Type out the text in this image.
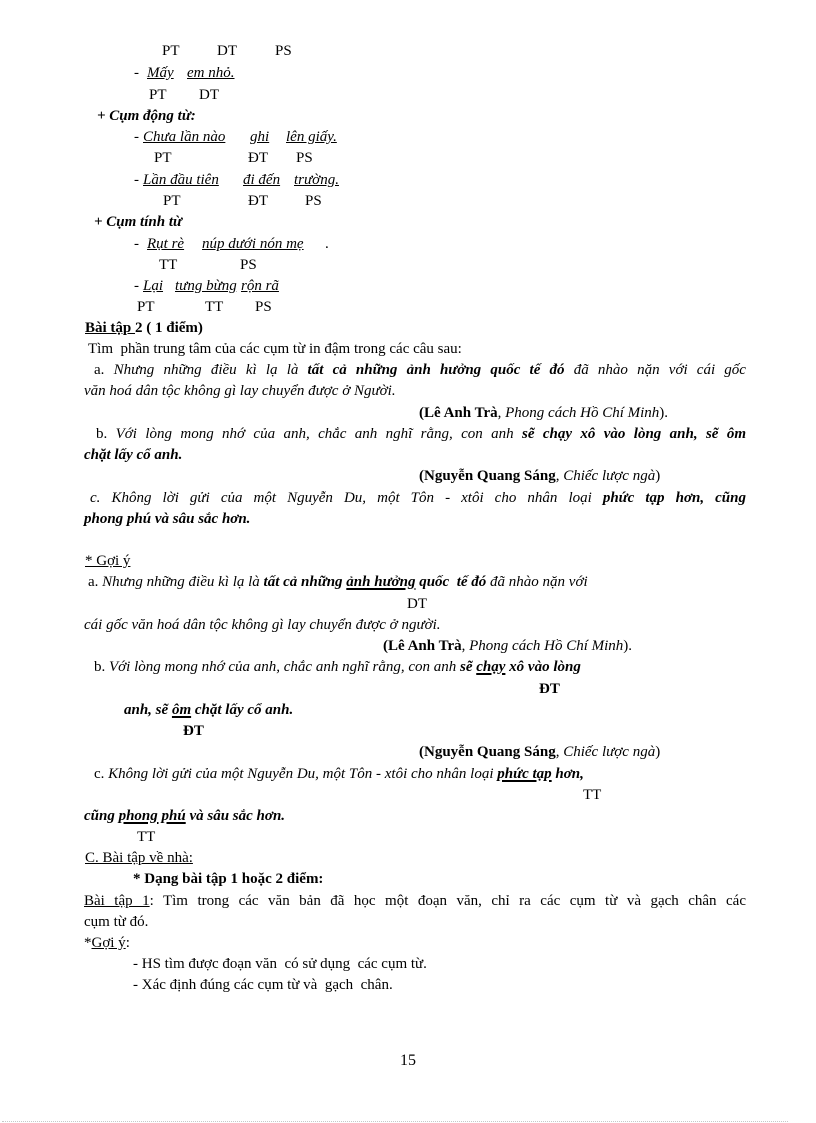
PT DT	PS
- Mấy em nhỏ.
PT DT
+ Cụm động từ:
- Chưa lần nào ghi lên giấy.
PT	ĐT PS
- Lần đầu tiên đi đến trường.
PT	ĐT PS
+ Cụm tính từ
- Rụt rè núp dưới nón mẹ .
TT	PS
- Lại tưng bừng rộn rã
PT	TT PS
Bài tập 2 ( 1 điểm)
Tìm  phần trung tâm của các cụm từ in đậm trong các câu sau:
a. Nhưng những điều kì lạ là tất cả những ảnh hưởng quốc tế đó đã nhào nặn với cái gốc
văn hoá dân tộc không gì lay chuyển được ở Người.
(Lê Anh Trà, Phong cách Hồ Chí Minh).
b. Với lòng mong nhớ của anh, chắc anh nghĩ rằng, con anh sẽ chạy xô vào lòng anh, sẽ ôm
chặt lấy cổ anh.
(Nguyễn Quang Sáng, Chiếc lược ngà)
c. Không lời gửi của một Nguyễn Du, một Tôn - xtôi cho nhân loại phức tạp hơn, cũng
phong phú và sâu sắc hơn.
* Gợi ý
a. Nhưng những điều kì lạ là tất cả những ảnh hưởng quốc  tế đó đã nhào nặn với
DT
cái gốc văn hoá dân tộc không gì lay chuyển được ở người.
(Lê Anh Trà, Phong cách Hồ Chí Minh).
b. Với lòng mong nhớ của anh, chắc anh nghĩ rằng, con anh sẽ chạy xô vào lòng
ĐT
anh, sẽ ôm chặt lấy cổ anh.
ĐT
(Nguyễn Quang Sáng, Chiếc lược ngà)
c. Không lời gửi của một Nguyễn Du, một Tôn - xtôi cho nhân loại phức tạp hơn,
TT
cũng phong phú và sâu sắc hơn.
TT
C. Bài tập về nhà:
* Dạng bài tập 1 hoặc 2 điểm:
Bài tập 1: Tìm trong các văn bản đã học một đoạn văn, chỉ ra các cụm từ và gạch chân các
cụm từ đó.
*Gợi ý:
- HS tìm được đoạn văn  có sử dụng  các cụm từ.
- Xác định đúng các cụm từ và  gạch  chân.
15
